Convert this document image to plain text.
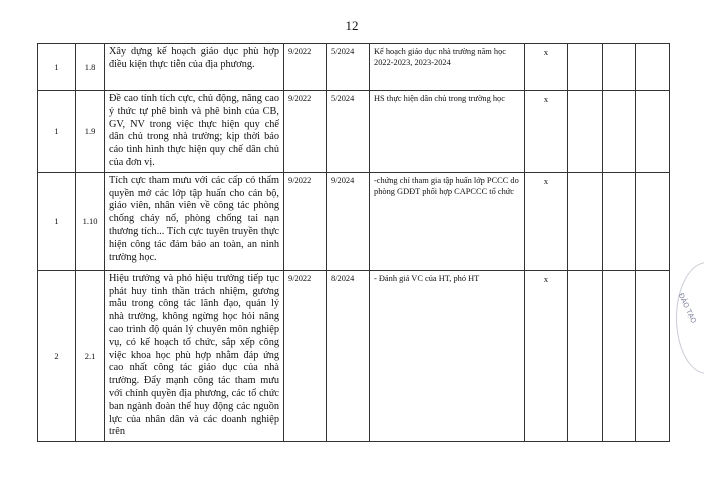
12
1	1.8	Xây dựng kế hoạch giáo dục phù hợp điều kiện thực tiễn của địa phương.	9/2022	5/2024	Kế hoạch giáo dục nhà trường năm học 2022-2023, 2023-2024	x			
1	1.9	Đề cao tính tích cực, chủ động, nâng cao ý thức tự phê bình và phê bình của CB, GV, NV trong việc thực hiện quy chế dân chủ trong nhà trường; kịp thời báo cáo tình hình thực hiện quy chế dân chủ của đơn vị.	9/2022	5/2024	HS thực hiện dân chủ trong trường học	x			
1	1.10	Tích cực tham mưu với các cấp có thẩm quyền mở các lớp tập huấn cho cán bộ, giáo viên, nhân viên về công tác phòng chống cháy nổ, phòng chống tai nạn thương tích... Tích cực tuyên truyền thực hiện công tác đảm bảo an toàn, an ninh trường học.	9/2022	9/2024	-chứng chỉ tham gia tập huấn lớp PCCC do phòng GDĐT phối hợp CAPCCC tổ chức	x			
2	2.1	Hiệu trưởng và phó hiệu trưởng tiếp tục phát huy tinh thần trách nhiệm, gương mẫu trong công tác lãnh đạo, quản lý nhà trường, không ngừng học hỏi nâng cao trình độ quản lý chuyên môn nghiệp vụ, có kế hoạch tổ chức, sắp xếp công việc khoa học phù hợp nhằm đáp ứng cao nhất công tác giáo dục của nhà trường. Đẩy mạnh công tác tham mưu với chính quyền địa phương, các tổ chức ban ngành đoàn thể huy động các nguồn lực của nhân dân và các doanh nghiệp trên	9/2022	8/2024	- Đánh giá VC của HT, phó HT	x			
ĐÀO TẠO
